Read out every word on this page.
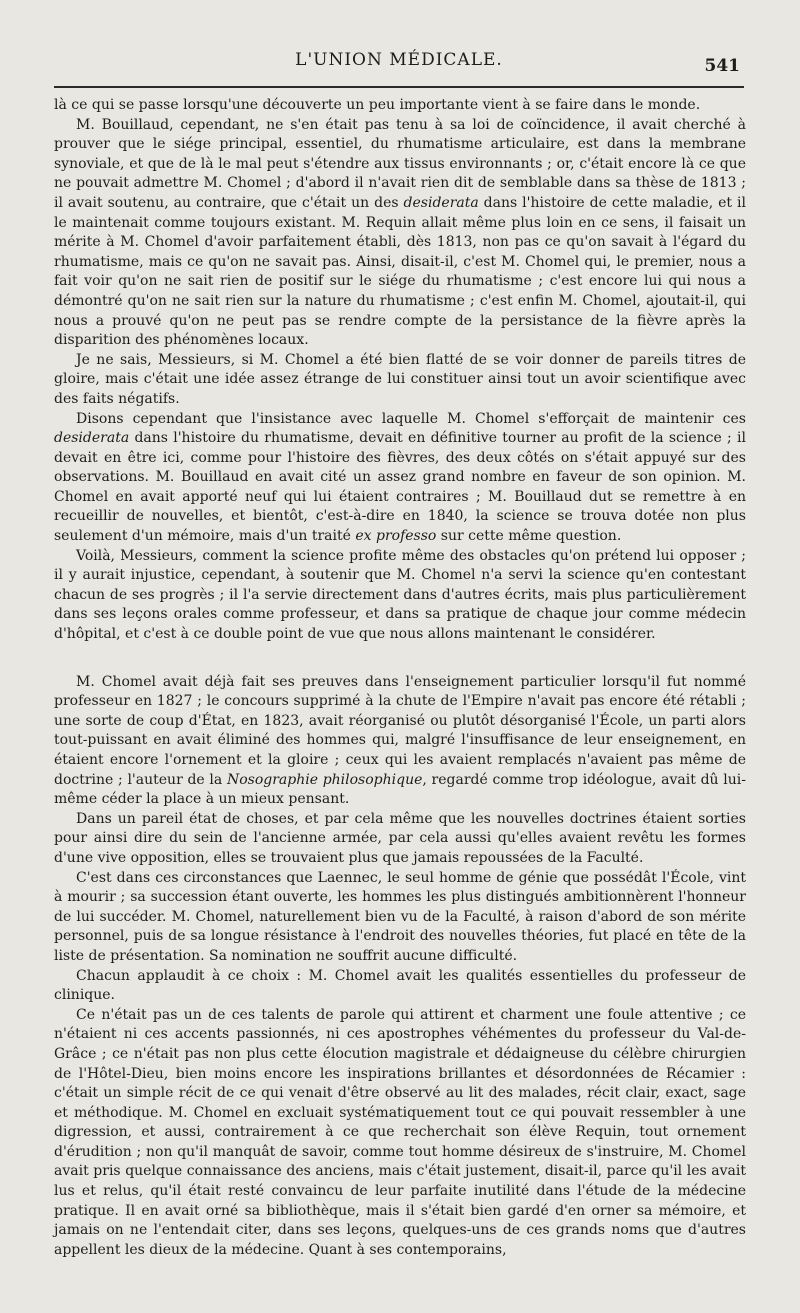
L'UNION MÉDICALE.	541

là ce qui se passe lorsqu'une découverte un peu importante vient à se faire dans le monde.

M. Bouillaud, cependant, ne s'en était pas tenu à sa loi de coïncidence, il avait cherché à prouver que le siége principal, essentiel, du rhumatisme articulaire, est dans la membrane synoviale, et que de là le mal peut s'étendre aux tissus environnants ; or, c'était encore là ce que ne pouvait admettre M. Chomel ; d'abord il n'avait rien dit de semblable dans sa thèse de 1813 ; il avait soutenu, au contraire, que c'était un des desiderata dans l'histoire de cette maladie, et il le maintenait comme toujours existant. M. Requin allait même plus loin en ce sens, il faisait un mérite à M. Chomel d'avoir parfaitement établi, dès 1813, non pas ce qu'on savait à l'égard du rhumatisme, mais ce qu'on ne savait pas. Ainsi, disait-il, c'est M. Chomel qui, le premier, nous a fait voir qu'on ne sait rien de positif sur le siége du rhumatisme ; c'est encore lui qui nous a démontré qu'on ne sait rien sur la nature du rhumatisme ; c'est enfin M. Chomel, ajoutait-il, qui nous a prouvé qu'on ne peut pas se rendre compte de la persistance de la fièvre après la disparition des phénomènes locaux.

Je ne sais, Messieurs, si M. Chomel a été bien flatté de se voir donner de pareils titres de gloire, mais c'était une idée assez étrange de lui constituer ainsi tout un avoir scientifique avec des faits négatifs.

Disons cependant que l'insistance avec laquelle M. Chomel s'efforçait de maintenir ces desiderata dans l'histoire du rhumatisme, devait en définitive tourner au profit de la science ; il devait en être ici, comme pour l'histoire des fièvres, des deux côtés on s'était appuyé sur des observations. M. Bouillaud en avait cité un assez grand nombre en faveur de son opinion. M. Chomel en avait apporté neuf qui lui étaient contraires ; M. Bouillaud dut se remettre à en recueillir de nouvelles, et bientôt, c'est-à-dire en 1840, la science se trouva dotée non plus seulement d'un mémoire, mais d'un traité ex professo sur cette même question.

Voilà, Messieurs, comment la science profite même des obstacles qu'on prétend lui opposer ; il y aurait injustice, cependant, à soutenir que M. Chomel n'a servi la science qu'en contestant chacun de ses progrès ; il l'a servie directement dans d'autres écrits, mais plus particulièrement dans ses leçons orales comme professeur, et dans sa pratique de chaque jour comme médecin d'hôpital, et c'est à ce double point de vue que nous allons maintenant le considérer.

M. Chomel avait déjà fait ses preuves dans l'enseignement particulier lorsqu'il fut nommé professeur en 1827 ; le concours supprimé à la chute de l'Empire n'avait pas encore été rétabli ; une sorte de coup d'État, en 1823, avait réorganisé ou plutôt désorganisé l'École, un parti alors tout-puissant en avait éliminé des hommes qui, malgré l'insuffisance de leur enseignement, en étaient encore l'ornement et la gloire ; ceux qui les avaient remplacés n'avaient pas même de doctrine ; l'auteur de la Nosographie philosophique, regardé comme trop idéologue, avait dû lui-même céder la place à un mieux pensant.

Dans un pareil état de choses, et par cela même que les nouvelles doctrines étaient sorties pour ainsi dire du sein de l'ancienne armée, par cela aussi qu'elles avaient revêtu les formes d'une vive opposition, elles se trouvaient plus que jamais repoussées de la Faculté.

C'est dans ces circonstances que Laennec, le seul homme de génie que possédât l'École, vint à mourir ; sa succession étant ouverte, les hommes les plus distingués ambitionnèrent l'honneur de lui succéder. M. Chomel, naturellement bien vu de la Faculté, à raison d'abord de son mérite personnel, puis de sa longue résistance à l'endroit des nouvelles théories, fut placé en tête de la liste de présentation. Sa nomination ne souffrit aucune difficulté.

Chacun applaudit à ce choix : M. Chomel avait les qualités essentielles du professeur de clinique.

Ce n'était pas un de ces talents de parole qui attirent et charment une foule attentive ; ce n'étaient ni ces accents passionnés, ni ces apostrophes véhémentes du professeur du Val-de-Grâce ; ce n'était pas non plus cette élocution magistrale et dédaigneuse du célèbre chirurgien de l'Hôtel-Dieu, bien moins encore les inspirations brillantes et désordonnées de Récamier : c'était un simple récit de ce qui venait d'être observé au lit des malades, récit clair, exact, sage et méthodique. M. Chomel en excluait systématiquement tout ce qui pouvait ressembler à une digression, et aussi, contrairement à ce que recherchait son élève Requin, tout ornement d'érudition ; non qu'il manquât de savoir, comme tout homme désireux de s'instruire, M. Chomel avait pris quelque connaissance des anciens, mais c'était justement, disait-il, parce qu'il les avait lus et relus, qu'il était resté convaincu de leur parfaite inutilité dans l'étude de la médecine pratique. Il en avait orné sa bibliothèque, mais il s'était bien gardé d'en orner sa mémoire, et jamais on ne l'entendait citer, dans ses leçons, quelques-uns de ces grands noms que d'autres appellent les dieux de la médecine. Quant à ses contemporains,
